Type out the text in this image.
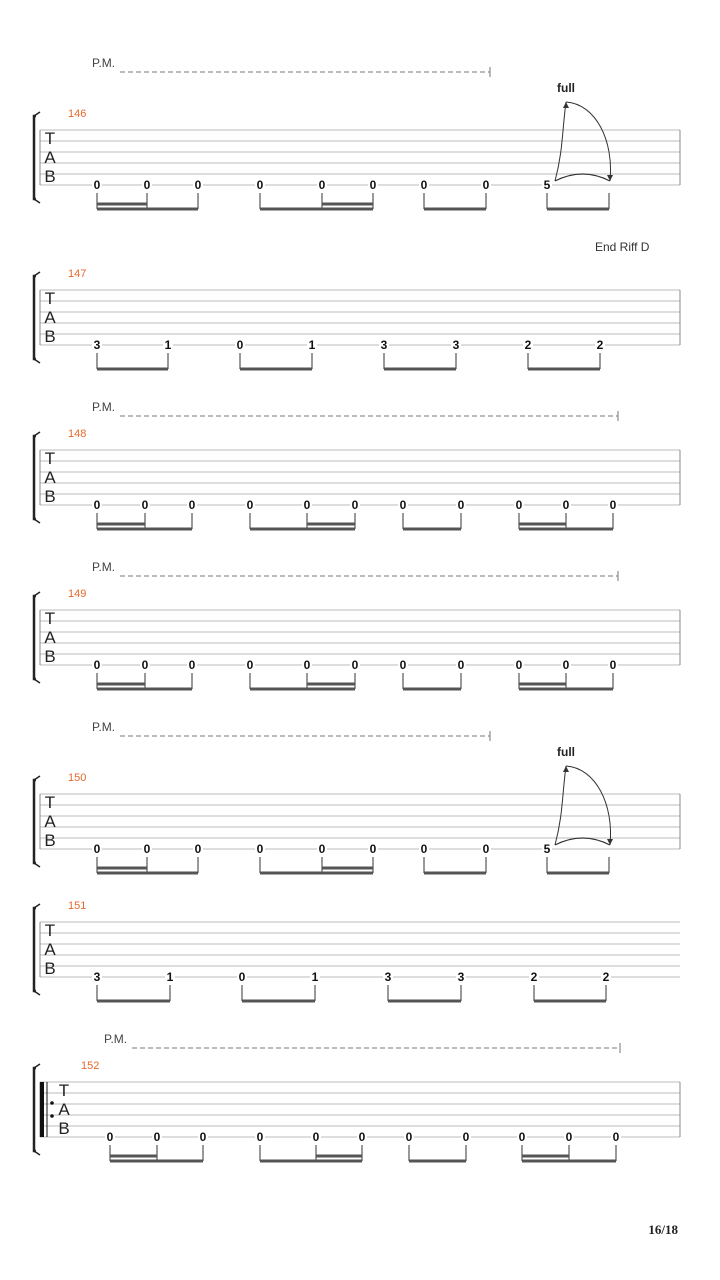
T
A
B
146
P.M.
0	0	0	0	0	0	0	0	5
full
T
A
B
147
End Riff D
3	1	0	1	3	3	2	2
T
A
B
148
P.M.
0	0	0	0	0	0	0	0	0	0	0
T
A
B
149
P.M.
0	0	0	0	0	0	0	0	0	0	0
T
A
B
150
P.M.
0	0	0	0	0	0	0	0	5
full
T
A
B
151
3	1	0	1	3	3	2	2
T
A
B
152
P.M.
0	0	0	0	0	0	0	0	0	0	0
16/18
